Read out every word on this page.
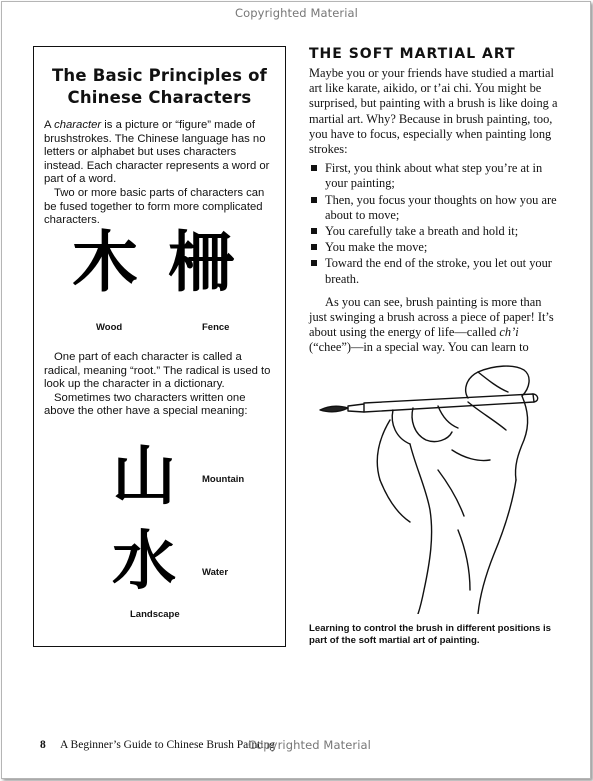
Copyrighted Material
The Basic Principles of
Chinese Characters

A character is a picture or “figure” made of brushstrokes. The Chinese language has no letters or alphabet but uses characters instead. Each character represents a word or part of a word.

Two or more basic parts of characters can be fused together to form more complicated characters.

木 柵
Wood	Fence

One part of each character is called a radical, meaning “root.” The radical is used to look up the character in a dictionary.

Sometimes two characters written one above the other have a special meaning:

山	Mountain
水	Water
Landscape
THE SOFT MARTIAL ART

Maybe you or your friends have studied a martial art like karate, aikido, or t’ai chi. You might be surprised, but painting with a brush is like doing a martial art. Why? Because in brush painting, too, you have to focus, especially when painting long strokes:

First, you think about what step you’re at in your painting;
Then, you focus your thoughts on how you are about to move;
You carefully take a breath and hold it;
You make the move;
Toward the end of the stroke, you let out your breath.

As you can see, brush painting is more than just swinging a brush across a piece of paper! It’s about using the energy of life—called ch’i (“chee”)—in a special way. You can learn to

Learning to control the brush in different positions is part of the soft martial art of painting.
8 A Beginner’s Guide to Chinese Brush Painting
Copyrighted Material
